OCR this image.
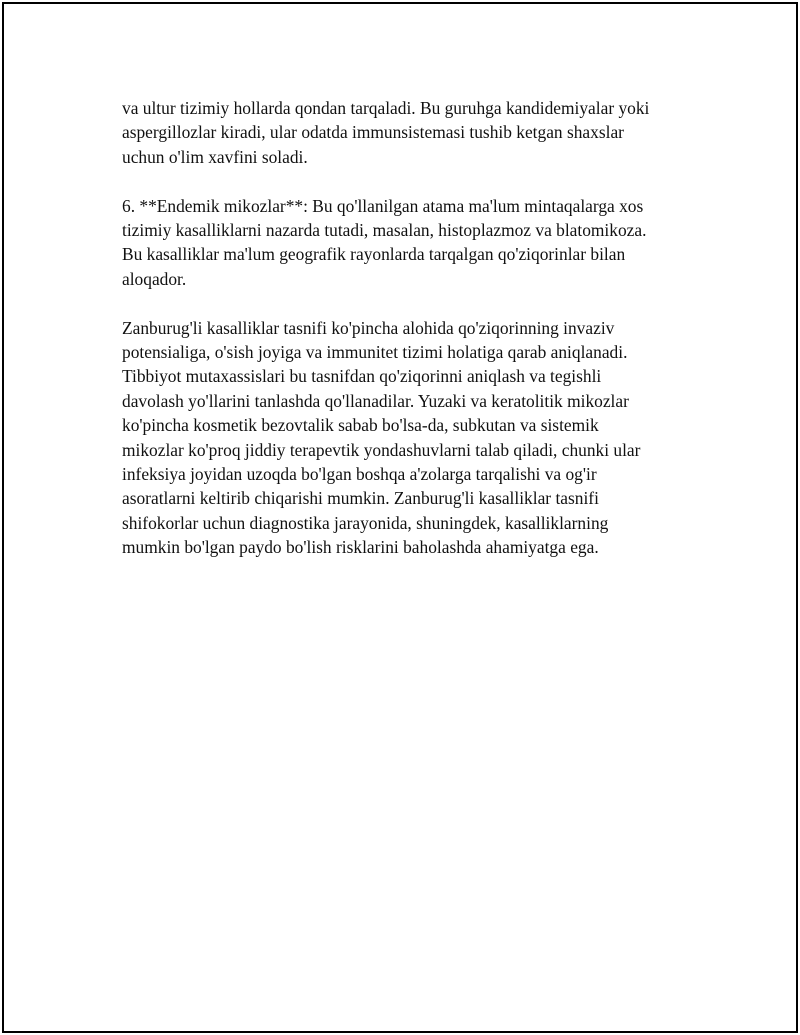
va ultur tizimiy hollarda qondan tarqaladi. Bu guruhga kandidemiyalar yoki
aspergillozlar kiradi, ular odatda immunsistemasi tushib ketgan shaxslar
uchun o'lim xavfini soladi.

6. **Endemik mikozlar**: Bu qo'llanilgan atama ma'lum mintaqalarga xos
tizimiy kasalliklarni nazarda tutadi, masalan, histoplazmoz va blatomikoza.
Bu kasalliklar ma'lum geografik rayonlarda tarqalgan qo'ziqorinlar bilan
aloqador.

Zanburug'li kasalliklar tasnifi ko'pincha alohida qo'ziqorinning invaziv
potensialiga, o'sish joyiga va immunitet tizimi holatiga qarab aniqlanadi.
Tibbiyot mutaxassislari bu tasnifdan qo'ziqorinni aniqlash va tegishli
davolash yo'llarini tanlashda qo'llanadilar. Yuzaki va keratolitik mikozlar
ko'pincha kosmetik bezovtalik sabab bo'lsa-da, subkutan va sistemik
mikozlar ko'proq jiddiy terapevtik yondashuvlarni talab qiladi, chunki ular
infeksiya joyidan uzoqda bo'lgan boshqa a'zolarga tarqalishi va og'ir
asoratlarni keltirib chiqarishi mumkin. Zanburug'li kasalliklar tasnifi
shifokorlar uchun diagnostika jarayonida, shuningdek, kasalliklarning
mumkin bo'lgan paydo bo'lish risklarini baholashda ahamiyatga ega.
